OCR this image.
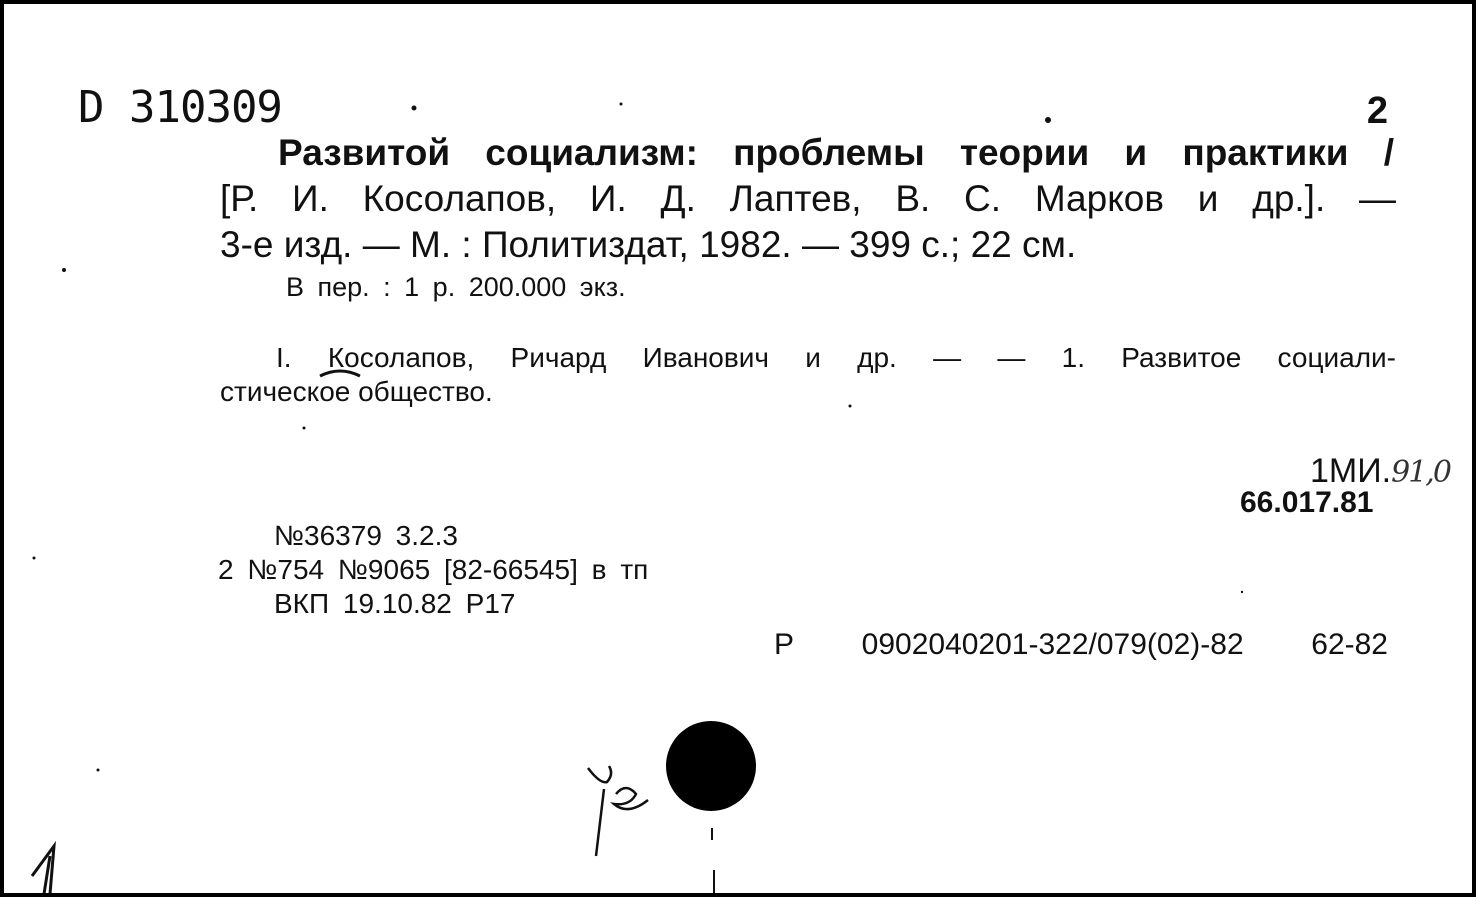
D 310309	2
Развитой социализм: проблемы теории и практики /
[Р. И. Косолапов, И. Д. Лаптев, В. С. Марков и др.]. —
3-е изд. — М. : Политиздат, 1982. — 399 с.; 22 см.
В пер. : 1 р. 200.000 экз.
I. Косолапов, Ричард Иванович и др. — — 1. Развитое социали-
стическое общество.
1МИ.91,0
66.017.81
№36379 3.2.3
2 №754 №9065 [82-66545] в тп
ВКП 19.10.82 Р17
Р 0902040201-322/079(02)-82 62-82
